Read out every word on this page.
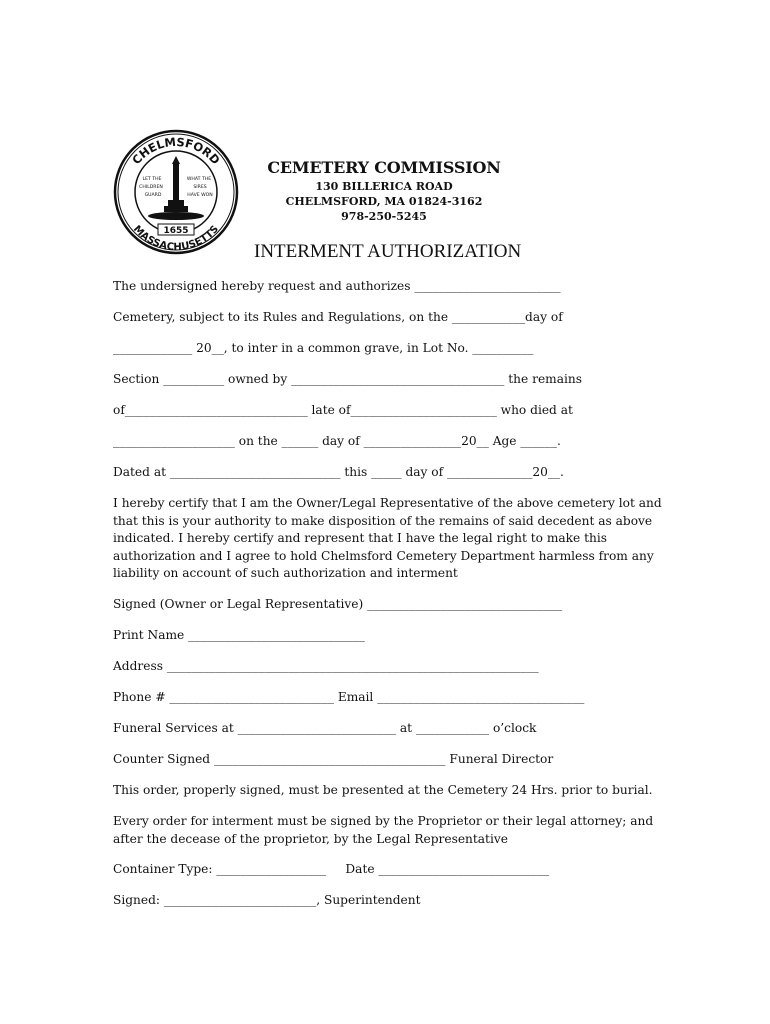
CHELMSFORD
MASSACHUSETTS
LET THE
CHILDREN
GUARD
WHAT THE
SIRES
HAVE WON
1655
CEMETERY COMMISSION
130 BILLERICA ROAD
CHELMSFORD, MA 01824-3162
978-250-5245
INTERMENT AUTHORIZATION
The undersigned hereby request and authorizes ________________________
Cemetery, subject to its Rules and Regulations, on the ____________day of
_____________ 20__, to inter in a common grave, in Lot No. __________
Section __________ owned by ___________________________________ the remains
of______________________________ late of________________________ who died at
____________________ on the ______ day of ________________20__ Age ______.
Dated at ____________________________ this _____ day of ______________20__.
I hereby certify that I am the Owner/Legal Representative of the above cemetery lot and
that this is your authority to make disposition of the remains of said decedent as above
indicated. I hereby certify and represent that I have the legal right to make this
authorization and I agree to hold Chelmsford Cemetery Department harmless from any
liability on account of such authorization and interment
Signed (Owner or Legal Representative) ________________________________
Print Name _____________________________
Address _____________________________________________________________
Phone # ___________________________ Email __________________________________
Funeral Services at __________________________ at ____________ o’clock
Counter Signed ______________________________________ Funeral Director
This order, properly signed, must be presented at the Cemetery 24 Hrs. prior to burial.
Every order for interment must be signed by the Proprietor or their legal attorney; and
after the decease of the proprietor, by the Legal Representative
Container Type: __________________     Date ____________________________
Signed: _________________________, Superintendent
